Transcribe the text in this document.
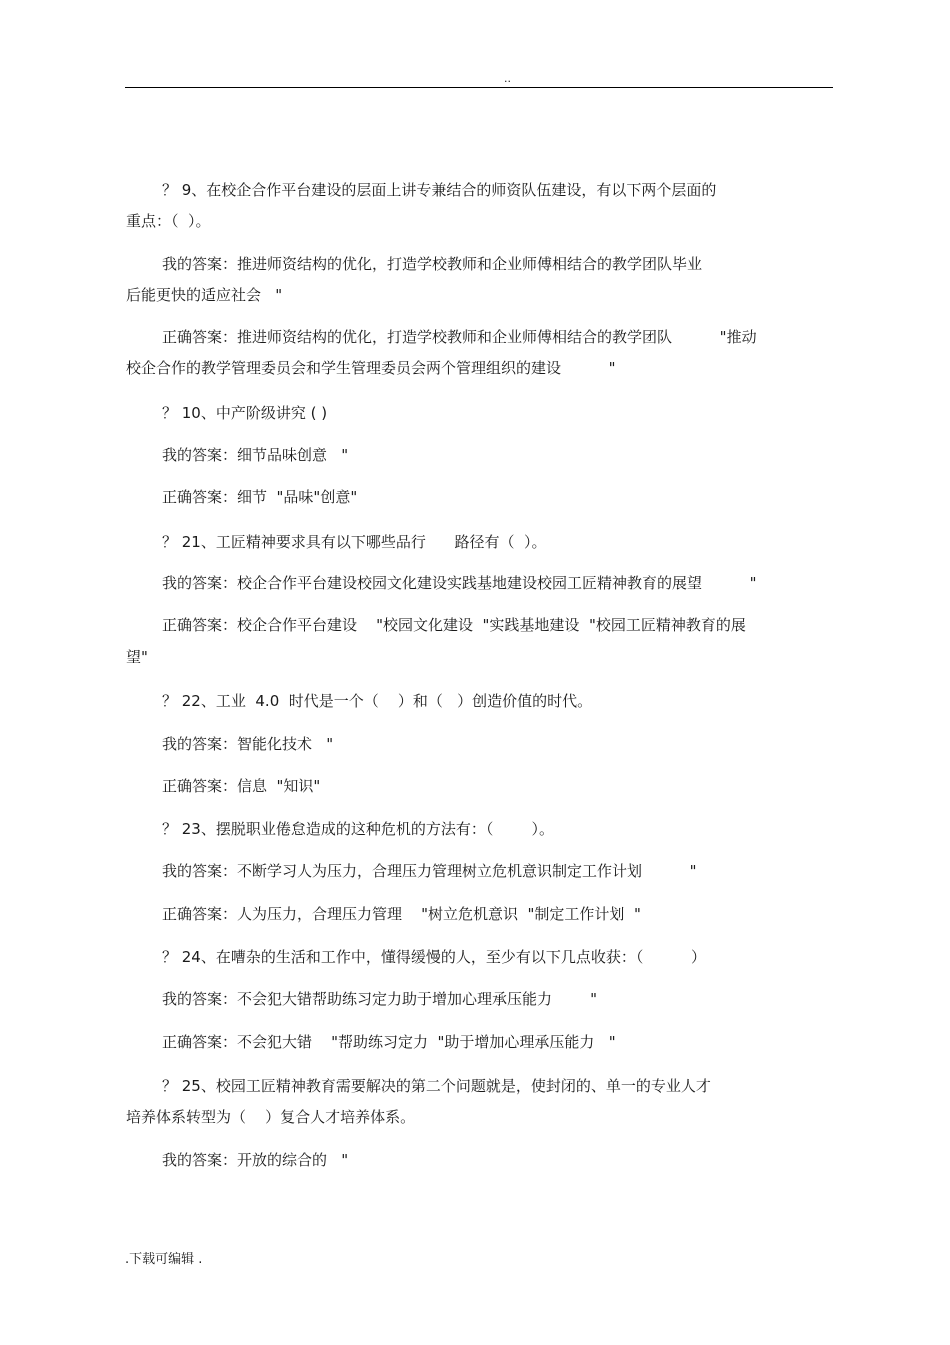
..
？ 9、在校企合作平台建设的层面上讲专兼结合的师资队伍建设，有以下两个层面的
重点：（  ）。
我的答案：推进师资结构的优化，打造学校教师和企业师傅相结合的教学团队毕业
后能更快的适应社会   "
正确答案：推进师资结构的优化，打造学校教师和企业师傅相结合的教学团队          "推动
校企合作的教学管理委员会和学生管理委员会两个管理组织的建设          "
？ 10、中产阶级讲究 ( )
我的答案：细节品味创意   "
正确答案：细节  "品味"创意"
？ 21、工匠精神要求具有以下哪些品行      路径有（  ）。
我的答案：校企合作平台建设校园文化建设实践基地建设校园工匠精神教育的展望          "
正确答案：校企合作平台建设    "校园文化建设  "实践基地建设  "校园工匠精神教育的展
望"
？ 22、工业  4.0  时代是一个（    ）和（   ）创造价值的时代。
我的答案：智能化技术   "
正确答案：信息  "知识"
？ 23、摆脱职业倦怠造成的这种危机的方法有：（        ）。
我的答案：不断学习人为压力，合理压力管理树立危机意识制定工作计划          "
正确答案：人为压力，合理压力管理    "树立危机意识  "制定工作计划  "
？ 24、在嘈杂的生活和工作中，懂得缓慢的人，至少有以下几点收获：（          ）
我的答案：不会犯大错帮助练习定力助于增加心理承压能力        "
正确答案：不会犯大错    "帮助练习定力  "助于增加心理承压能力   "
？ 25、校园工匠精神教育需要解决的第二个问题就是，使封闭的、单一的专业人才
培养体系转型为（    ）复合人才培养体系。
我的答案：开放的综合的   "
.下载可编辑 .
